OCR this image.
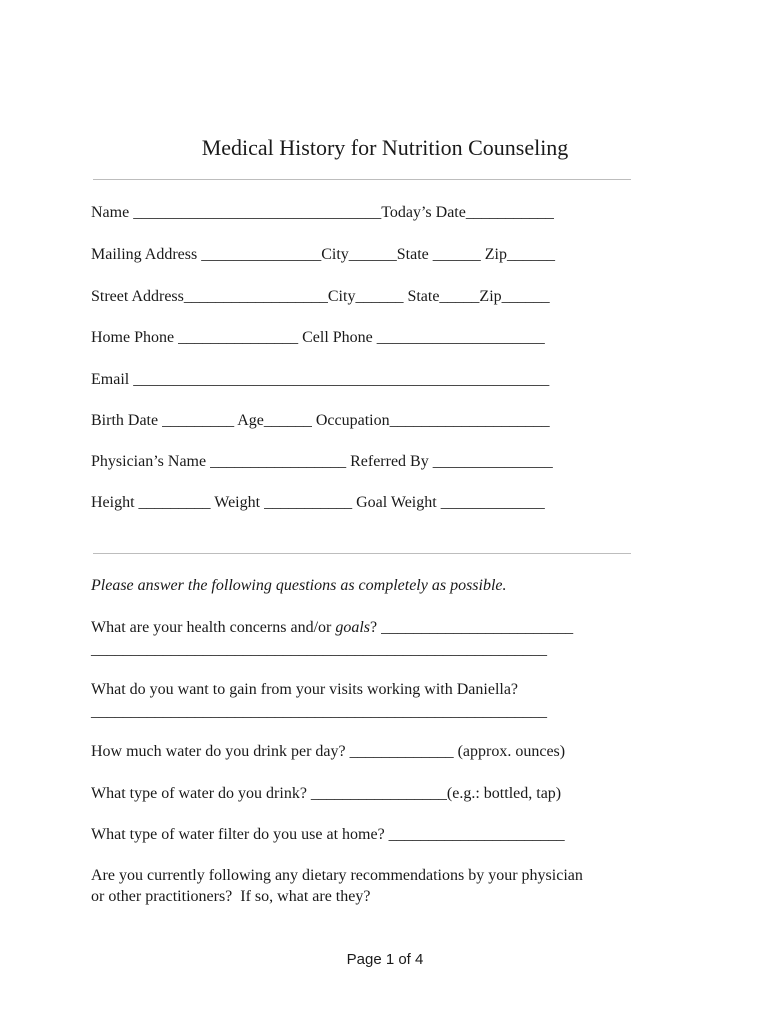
Medical History for Nutrition Counseling

Name _______________________________Today’s Date___________

Mailing Address _______________City______State ______ Zip______

Street Address__________________City______ State_____Zip______

Home Phone _______________ Cell Phone _____________________

Email ____________________________________________________

Birth Date _________ Age______ Occupation____________________

Physician’s Name _________________ Referred By _______________

Height _________ Weight ___________ Goal Weight _____________

Please answer the following questions as completely as possible.

What are your health concerns and/or goals? ________________________

_________________________________________________________

What do you want to gain from your visits working with Daniella?

_________________________________________________________

How much water do you drink per day? _____________ (approx. ounces)

What type of water do you drink? _________________(e.g.: bottled, tap)

What type of water filter do you use at home? ______________________

Are you currently following any dietary recommendations by your physician

or other practitioners?  If so, what are they?

Page 1 of 4
